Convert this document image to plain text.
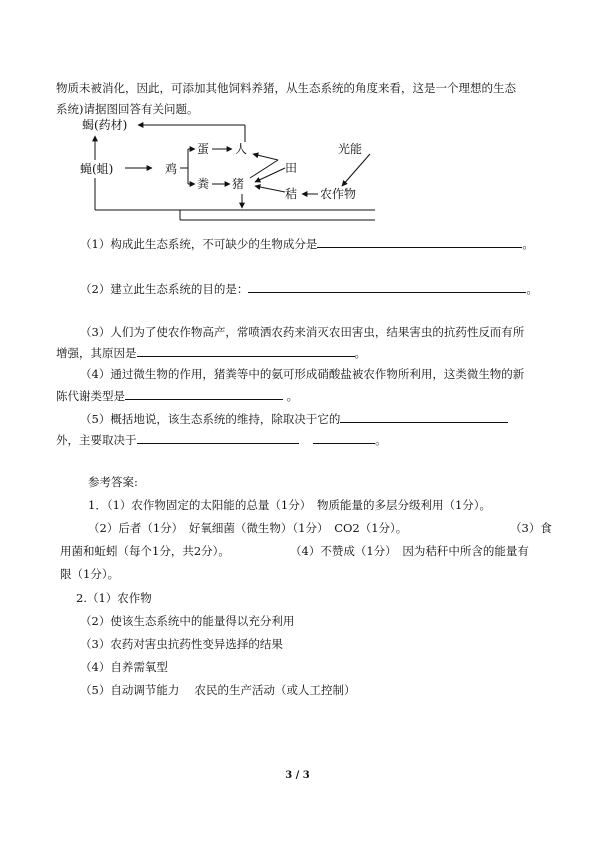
物质未被消化，因此，可添加其他饲料养猪，从生态系统的角度来看，这是一个理想的生态
系统)请据图回答有关问题。
蝎(药材)
蝇(蛆)	鸡
蛋 人
粪 猪
田
秸 农作物
光能
（1）构成此生态系统，不可缺少的生物成分是	。
（2）建立此生态系统的目的是：	。
（3）人们为了使农作物高产，常喷洒农药来消灭农田害虫，结果害虫的抗药性反而有所
增强，其原因是	。
（4）通过微生物的作用，猪粪等中的氨可形成硝酸盐被农作物所利用，这类微生物的新
陈代谢类型是	。
（5）概括地说，该生态系统的维持，除取决于它的
外，主要取决于	。
参考答案:
1．（1）农作物固定的太阳能的总量（1分）　物质能量的多层分级利用（1分）。
（2）后者（1分）　好氧细菌（微生物）（1分）　CO2（1分）。	（3）食
用菌和蚯蚓（每个1分，共2分）。	（4）不赞成（1分）　因为秸秆中所含的能量有
限（1分）。
2.（1）农作物
（2）使该生态系统中的能量得以充分利用
（3）农药对害虫抗药性变异选择的结果
（4）自养需氧型
（5）自动调节能力　 农民的生产活动（或人工控制）
3 / 3
